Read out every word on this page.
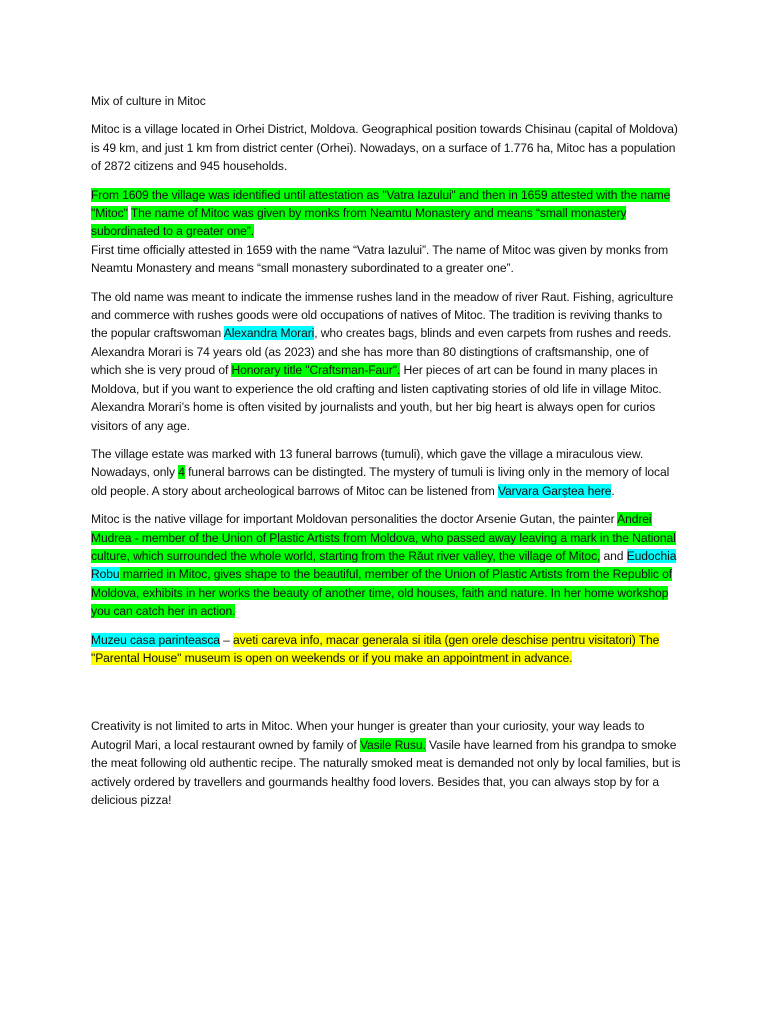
Mix of culture in Mitoc

Mitoc is a village located in Orhei District, Moldova. Geographical position towards Chisinau (capital of Moldova) is 49 km, and just 1 km from district center (Orhei). Nowadays, on a surface of 1.776 ha, Mitoc has a population of 2872 citizens and 945 households.

From 1609 the village was identified until attestation as "Vatra Iazului" and then in 1659 attested with the name "Mitoc" The name of Mitoc was given by monks from Neamtu Monastery and means “small monastery subordinated to a greater one”.

First time officially attested in 1659 with the name “Vatra Iazului”. The name of Mitoc was given by monks from Neamtu Monastery and means “small monastery subordinated to a greater one”.

The old name was meant to indicate the immense rushes land in the meadow of river Raut. Fishing, agriculture and commerce with rushes goods were old occupations of natives of Mitoc. The tradition is reviving thanks to the popular craftswoman Alexandra Morari, who creates bags, blinds and even carpets from rushes and reeds. Alexandra Morari is 74 years old (as 2023) and she has more than 80 distingtions of craftsmanship, one of which she is very proud of Honorary title "Craftsman-Faur". Her pieces of art can be found in many places in Moldova, but if you want to experience the old crafting and listen captivating stories of old life in village Mitoc. Alexandra Morari’s home is often visited by journalists and youth, but her big heart is always open for curios visitors of any age.

The village estate was marked with 13 funeral barrows (tumuli), which gave the village a miraculous view. Nowadays, only 4 funeral barrows can be distingted. The mystery of tumuli is living only in the memory of local old people. A story about archeological barrows of Mitoc can be listened from Varvara Garștea here.

Mitoc is the native village for important Moldovan personalities the doctor Arsenie Gutan, the painter Andrei Mudrea - member of the Union of Plastic Artists from Moldova, who passed away leaving a mark in the National culture, which surrounded the whole world, starting from the Răut river valley, the village of Mitoc, and Eudochia Robu married in Mitoc, gives shape to the beautiful, member of the Union of Plastic Artists from the Republic of Moldova, exhibits in her works the beauty of another time, old houses, faith and nature. In her home workshop you can catch her in action.

Muzeu casa parinteasca – aveti careva info, macar generala si itila (gen orele deschise pentru visitatori) The "Parental House" museum is open on weekends or if you make an appointment in advance.

Creativity is not limited to arts in Mitoc. When your hunger is greater than your curiosity, your way leads to Autogril Mari, a local restaurant owned by family of Vasile Rusu. Vasile have learned from his grandpa to smoke the meat following old authentic recipe. The naturally smoked meat is demanded not only by local families, but is actively ordered by travellers and gourmands healthy food lovers. Besides that, you can always stop by for a delicious pizza!
